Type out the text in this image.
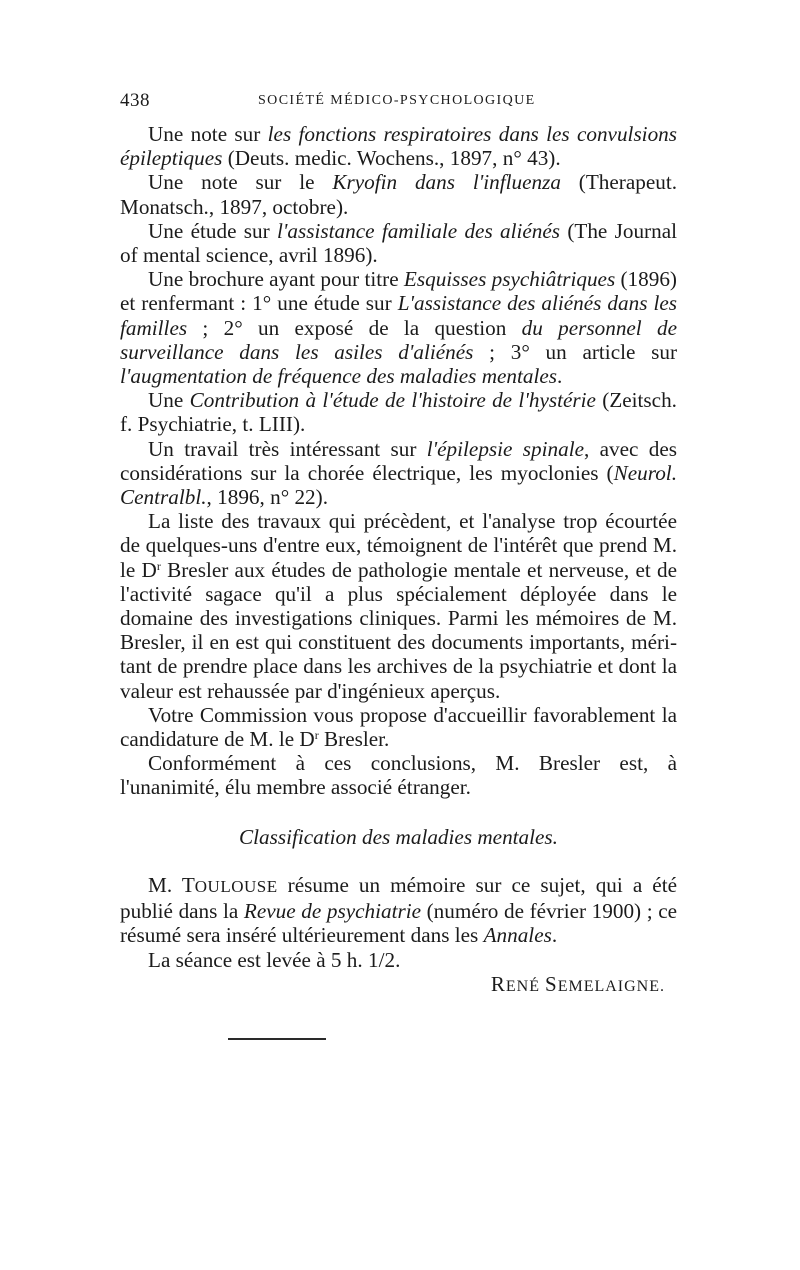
438	SOCIÉTÉ MÉDICO-PSYCHOLOGIQUE

Une note sur les fonctions respiratoires dans les convulsions épileptiques (Deuts. medic. Wochens., 1897, n° 43).

Une note sur le Kryofin dans l'influenza (Therapeut. Monatsch., 1897, octobre).

Une étude sur l'assistance familiale des aliénés (The Journal of mental science, avril 1896).

Une brochure ayant pour titre Esquisses psychiâtriques (1896) et renfermant : 1° une étude sur L'assistance des aliénés dans les familles ; 2° un exposé de la question du personnel de surveillance dans les asiles d'aliénés ; 3° un article sur l'augmentation de fréquence des maladies mentales.

Une Contribution à l'étude de l'histoire de l'hystérie (Zeitsch. f. Psychiatrie, t. LIII).

Un travail très intéressant sur l'épilepsie spinale, avec des considérations sur la chorée électrique, les myoclonies (Neurol. Centralbl., 1896, n° 22).

La liste des travaux qui précèdent, et l'analyse trop écourtée de quelques-uns d'entre eux, témoignent de l'intérêt que prend M. le $D^r$ Bresler aux études de pathologie mentale et nerveuse, et de l'activité sagace qu'il a plus spécialement déployée dans le domaine des investigations cliniques. Parmi les mémoires de M. Bresler, il en est qui constituent des documents importants, méritant de prendre place dans les archives de la psychiatrie et dont la valeur est rehaussée par d'ingénieux aperçus.

Votre Commission vous propose d'accueillir favorablement la candidature de M. le $D^r$ Bresler.

Conformément à ces conclusions, M. Bresler est, à l'unanimité, élu membre associé étranger.

Classification des maladies mentales.

M. TOULOUSE résume un mémoire sur ce sujet, qui a été publié dans la Revue de psychiatrie (numéro de février 1900) ; ce résumé sera inséré ultérieurement dans les Annales.

La séance est levée à 5 h. 1/2.

RENÉ SEMELAIGNE.
